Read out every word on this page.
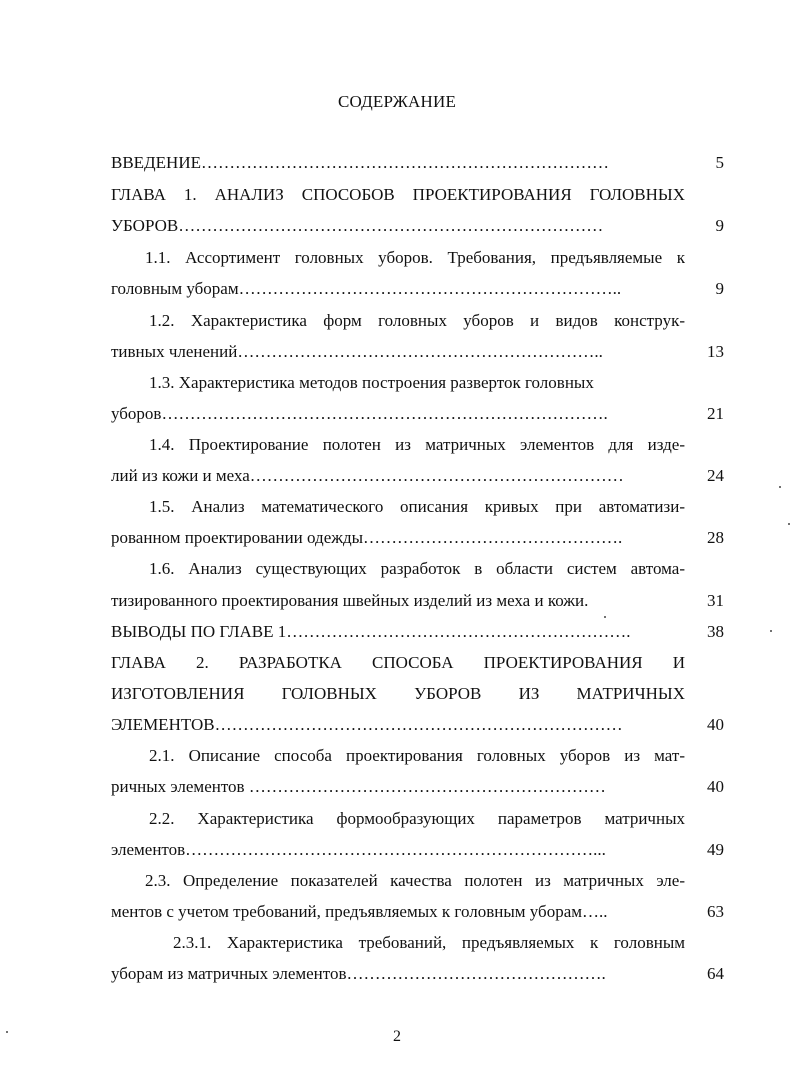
СОДЕРЖАНИЕ
ВВЕДЕНИЕ………………………………………………………………	5
ГЛАВА 1. АНАЛИЗ СПОСОБОВ ПРОЕКТИРОВАНИЯ ГОЛОВНЫХ
УБОРОВ…………………………………………………………………	9
1.1. Ассортимент головных уборов. Требования, предъявляемые к
головным уборам…………………………………………………………..	9
1.2. Характеристика форм головных уборов и видов конструк-
тивных членений………………………………………………………..	13
1.3. Характеристика методов построения разверток головных
уборов…………………………………………………………………….	21
1.4. Проектирование полотен из матричных элементов для изде-
лий из кожи и меха…………………………………………………………	24
1.5. Анализ математического описания кривых при автоматизи-
рованном проектировании одежды……………………………………….	28
1.6. Анализ существующих разработок в области систем автома-
тизированного проектирования швейных изделий из меха и кожи.	31
ВЫВОДЫ ПО ГЛАВЕ 1…………………………………………………….	38
ГЛАВА 2. РАЗРАБОТКА СПОСОБА ПРОЕКТИРОВАНИЯ И
ИЗГОТОВЛЕНИЯ ГОЛОВНЫХ УБОРОВ ИЗ МАТРИЧНЫХ
ЭЛЕМЕНТОВ………………………………………………………………	40
2.1. Описание способа проектирования головных уборов из мат-
ричных элементов ………………………………………………………	40
2.2. Характеристика формообразующих параметров матричных
элементов………………………………………………………………...	49
2.3. Определение показателей качества полотен из матричных эле-
ментов с учетом требований, предъявляемых к головным уборам…..	63
2.3.1. Характеристика требований, предъявляемых к головным
уборам из матричных элементов……………………………………….	64
2
